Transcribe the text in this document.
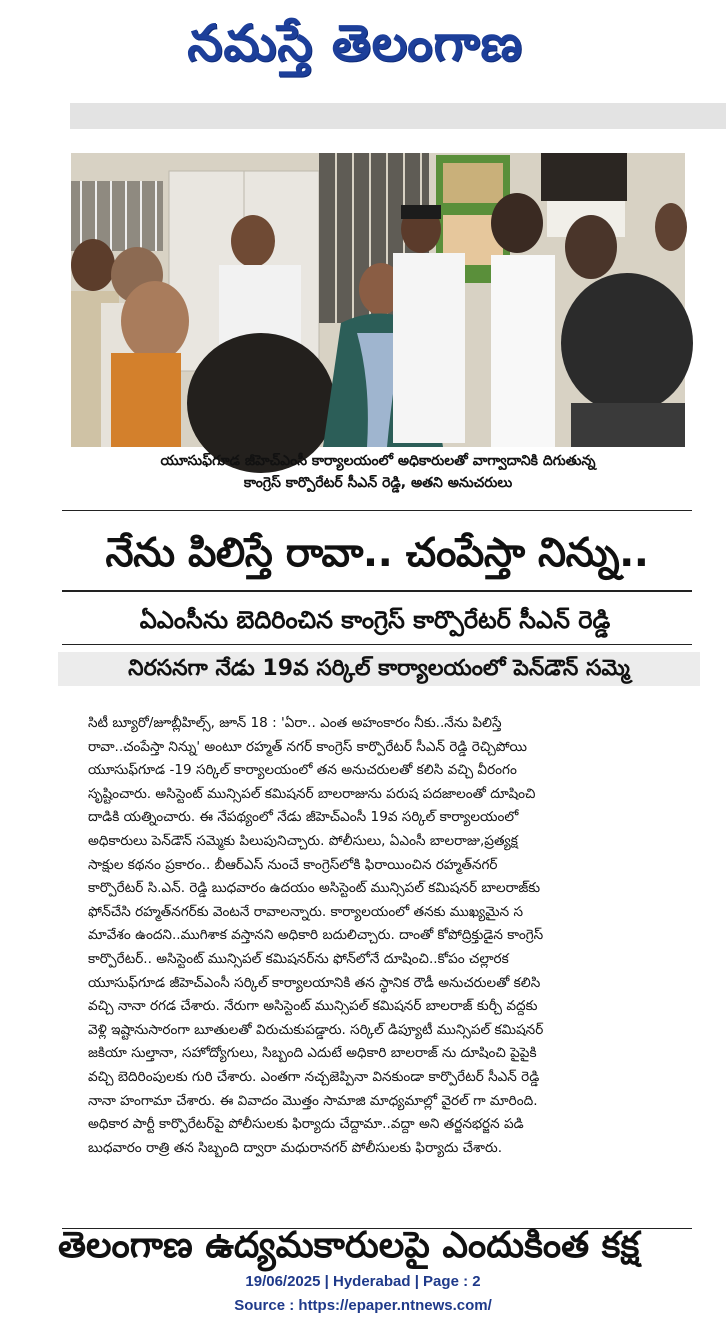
నమస్తే తెలంగాణ
యూసుఫ్‌గూడ జీహెచ్‌ఎంసీ కార్యాలయంలో అధికారులతో వాగ్వాదానికి దిగుతున్న
కాంగ్రెస్ కార్పొరేటర్ సీఎన్ రెడ్డి, అతని అనుచరులు
నేను పిలిస్తే రావా.. చంపేస్తా నిన్ను..
ఏఎంసీను బెదిరించిన కాంగ్రెస్ కార్పొరేటర్ సీఎన్ రెడ్డి
నిరసనగా నేడు 19వ సర్కిల్ కార్యాలయంలో పెన్‌డౌన్ సమ్మె
సిటీ బ్యూరో/జూబ్లీహిల్స్, జూన్ 18 : 'ఏరా.. ఎంత అహంకారం నీకు..నేను పిలిస్తే
రావా..చంపేస్తా నిన్ను' అంటూ రహ్మత్ నగర్ కాంగ్రెస్ కార్పొరేటర్ సీఎన్ రెడ్డి రెచ్చిపోయి
యూసుఫ్‌గూడ -19 సర్కిల్ కార్యాలయంలో తన అనుచరులతో కలిసి వచ్చి వీరంగం
సృష్టించారు. అసిస్టెంట్ మున్సిపల్ కమిషనర్ బాలరాజును పరుష పదజాలంతో దూషించి
దాడికి యత్నించారు. ఈ నేపథ్యంలో నేడు జీహెచ్‌ఎంసీ 19వ సర్కిల్ కార్యాలయంలో
అధికారులు పెన్‌డౌన్ సమ్మెకు పిలుపునిచ్చారు. పోలీసులు, ఏఎంసీ బాలరాజు,ప్రత్యక్ష
సాక్షుల కథనం ప్రకారం.. బీఆర్ఎస్ నుంచే కాంగ్రెస్‌లోకి ఫిరాయించిన రహ్మత్‌నగర్
కార్పొరేటర్ సి.ఎన్. రెడ్డి బుధవారం ఉదయం అసిస్టెంట్ మున్సిపల్ కమిషనర్ బాలరాజ్‌కు
ఫోన్‌చేసి రహ్మత్‌నగర్‌కు వెంటనే రావాలన్నారు. కార్యాలయంలో తనకు ముఖ్యమైన స
మావేశం ఉందని..ముగిశాక వస్తానని అధికారి బదులిచ్చారు. దాంతో కోపోద్రిక్తుడైన కాంగ్రెస్
కార్పొరేటర్.. అసిస్టెంట్ మున్సిపల్ కమిషనర్‌ను ఫోన్‌లోనే దూషించి..కోపం చల్లారక
యూసుఫ్‌గూడ జీహెచ్‌ఎంసీ సర్కిల్ కార్యాలయానికి తన స్థానిక రౌడీ అనుచరులతో కలిసి
వచ్చి నానా రగడ చేశారు. నేరుగా అసిస్టెంట్ మున్సిపల్ కమిషనర్ బాలరాజ్ కుర్చీ వద్దకు
వెళ్లి ఇష్టానుసారంగా బూతులతో విరుచుకుపడ్డారు. సర్కిల్ డిప్యూటీ మున్సిపల్ కమిషనర్
జకియా సుల్తానా, సహోద్యోగులు, సిబ్బంది ఎదుటే అధికారి బాలరాజ్ ను దూషించి పైపైకి
వచ్చి బెదిరింపులకు గురి చేశారు. ఎంతగా నచ్చజెప్పినా వినకుండా కార్పొరేటర్ సీఎన్ రెడ్డి
నానా హంగామా చేశారు. ఈ వివాదం మొత్తం సామాజి మాధ్యమాల్లో వైరల్ గా మారింది.
అధికార పార్టీ కార్పొరేటర్‌పై పోలీసులకు ఫిర్యాదు చేద్దామా..వద్దా అని తర్జనభర్జన పడి
బుధవారం రాత్రి తన సిబ్బంది ద్వారా మధురానగర్ పోలీసులకు ఫిర్యాదు చేశారు.
తెలంగాణ ఉద్యమకారులపై ఎందుకింత కక్ష
19/06/2025 | Hyderabad | Page : 2
Source : https://epaper.ntnews.com/
